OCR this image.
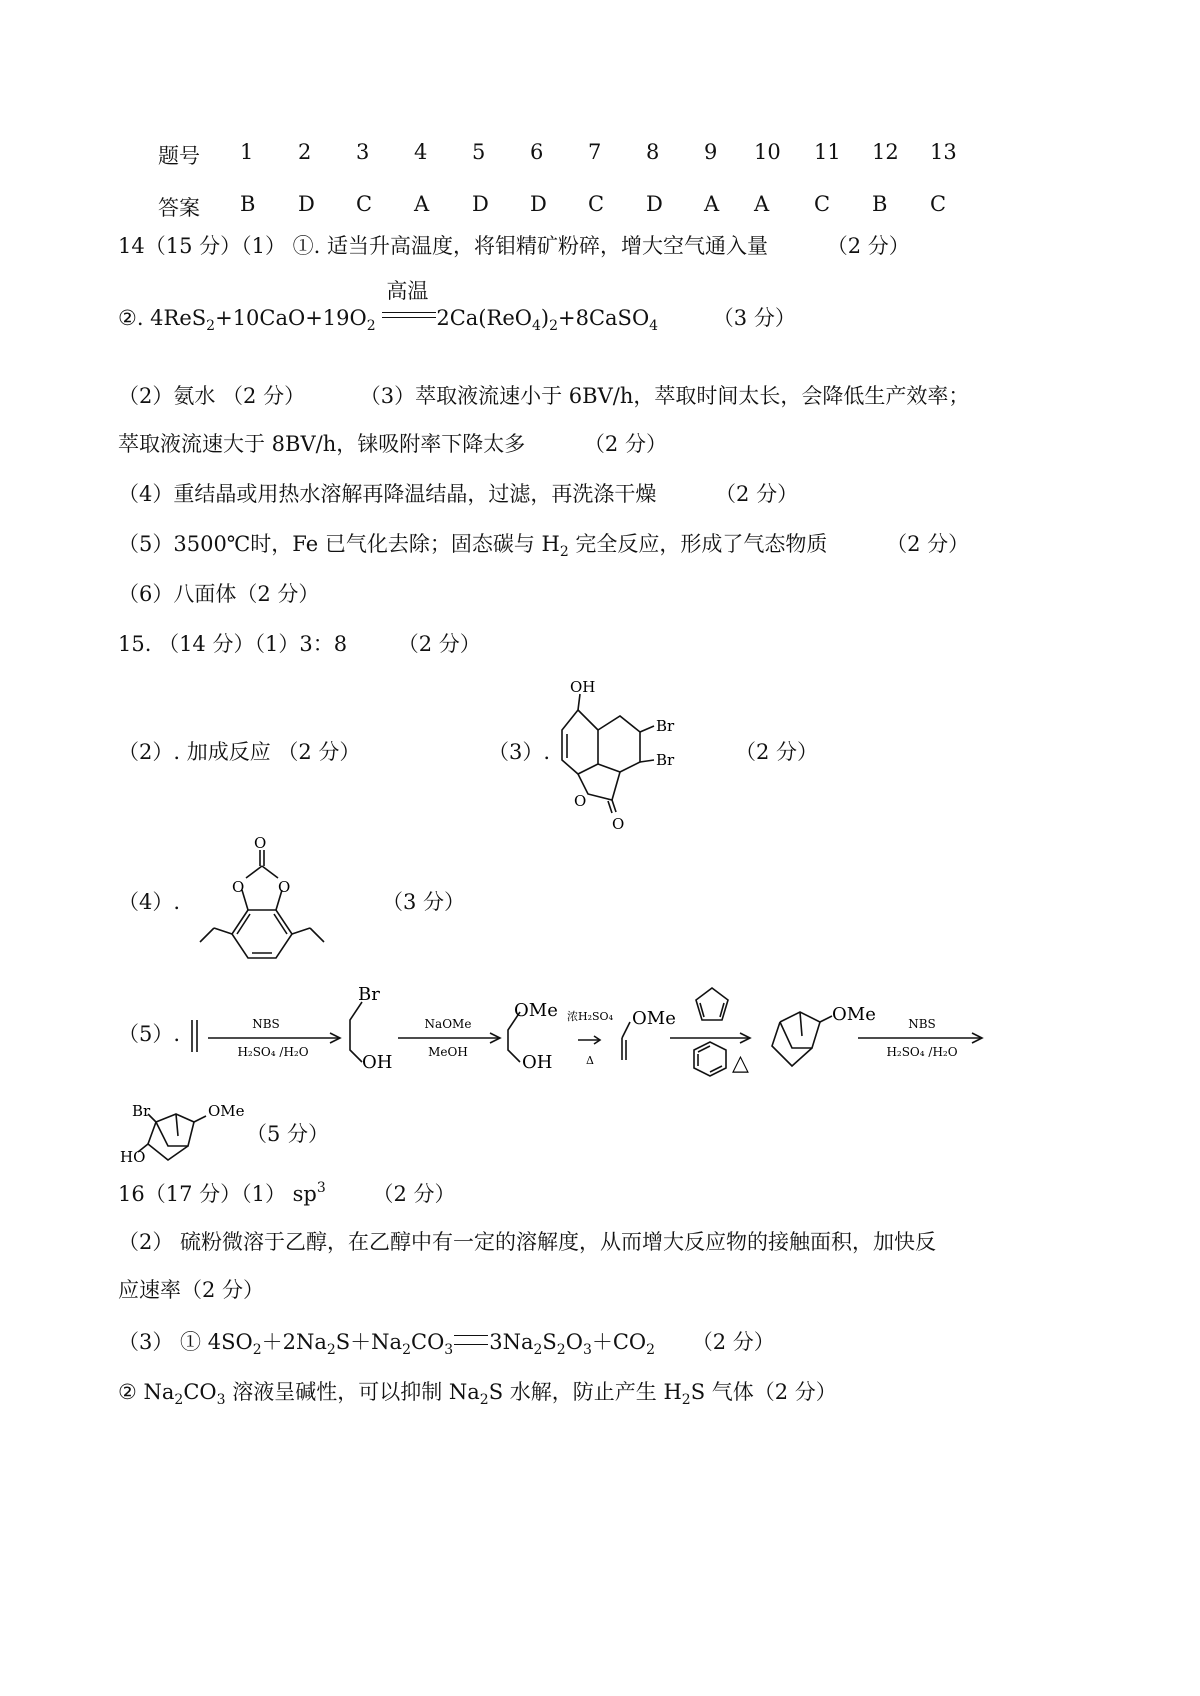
题号	1	2	3	4	5	6	7	8	9	10	11	12	13
答案	B	D	C	A	D	D	C	D	A	A	C	B	C
14（15 分）（1） ①. 适当升高温度，将钼精矿粉碎，增大空气通入量	（2 分）
②. $4ReS_2+10CaO+19O_2$
高温
$2Ca(ReO_4)_2+8CaSO_4$	（3 分）
（2）氨水 （2 分）	（3）萃取液流速小于 6BV/h，萃取时间太长，会降低生产效率；
萃取液流速大于 8BV/h，铼吸附率下降太多	（2 分）
（4）重结晶或用热水溶解再降温结晶，过滤，再洗涤干燥	（2 分）
（5）3500℃时，Fe 已气化去除；固态碳与 $H_2$ 完全反应，形成了气态物质	（2 分）
（6）八面体（2 分）
15. （14 分）（1）3：8 （2 分）
（2）. 加成反应 （2 分）	（3）.	（2 分）
OH
Br
Br
O
O
（4）.	（3 分）
O
O O
（5）.	NBS
H₂SO₄ /H₂O
Br
OH
NaOMe
MeOH
OMe
OH
浓H₂SO₄
Δ
OMe
△
OMe	NBS
H₂SO₄ /H₂O
Br
HO
OMe
（5 分）
16（17 分）（1） $sp^3$ （2 分）
（2） 硫粉微溶于乙醇，在乙醇中有一定的溶解度，从而增大反应物的接触面积，加快反
应速率（2 分）
（3） ① $4SO_2+2Na_2S+Na_2CO_3$ $3Na_2S_2O_3+CO_2$ （2 分）
② $Na_2CO_3$ 溶液呈碱性，可以抑制 $Na_2S$ 水解，防止产生 $H_2S$ 气体（2 分）
